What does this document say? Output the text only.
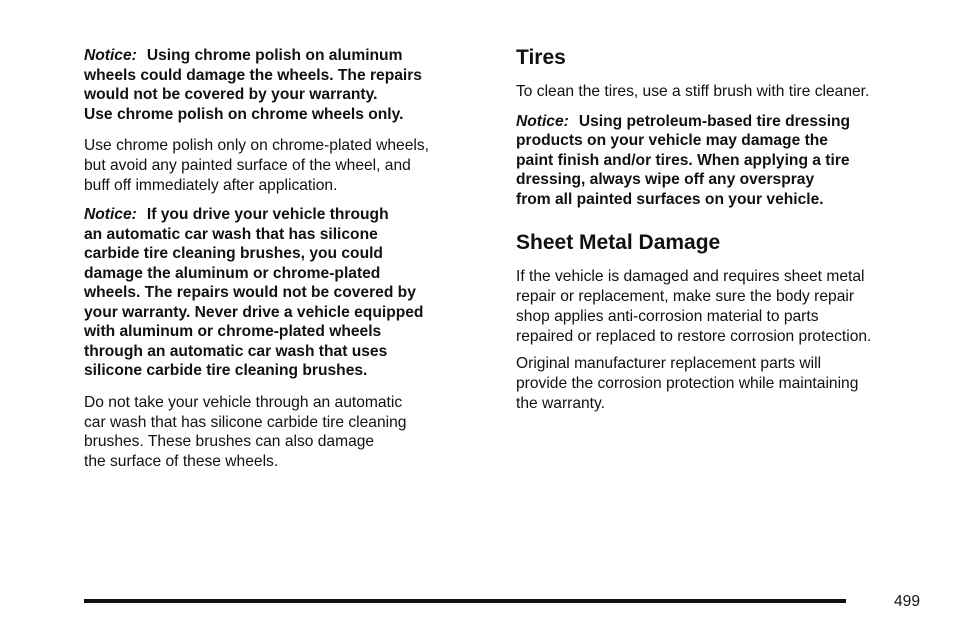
Notice: Using chrome polish on aluminum
wheels could damage the wheels. The repairs
would not be covered by your warranty.
Use chrome polish on chrome wheels only.

Use chrome polish only on chrome-plated wheels,
but avoid any painted surface of the wheel, and
buff off immediately after application.

Notice: If you drive your vehicle through
an automatic car wash that has silicone
carbide tire cleaning brushes, you could
damage the aluminum or chrome-plated
wheels. The repairs would not be covered by
your warranty. Never drive a vehicle equipped
with aluminum or chrome-plated wheels
through an automatic car wash that uses
silicone carbide tire cleaning brushes.

Do not take your vehicle through an automatic
car wash that has silicone carbide tire cleaning
brushes. These brushes can also damage
the surface of these wheels.

Tires

To clean the tires, use a stiff brush with tire cleaner.

Notice: Using petroleum-based tire dressing
products on your vehicle may damage the
paint finish and/or tires. When applying a tire
dressing, always wipe off any overspray
from all painted surfaces on your vehicle.

Sheet Metal Damage

If the vehicle is damaged and requires sheet metal
repair or replacement, make sure the body repair
shop applies anti-corrosion material to parts
repaired or replaced to restore corrosion protection.

Original manufacturer replacement parts will
provide the corrosion protection while maintaining
the warranty.

499
